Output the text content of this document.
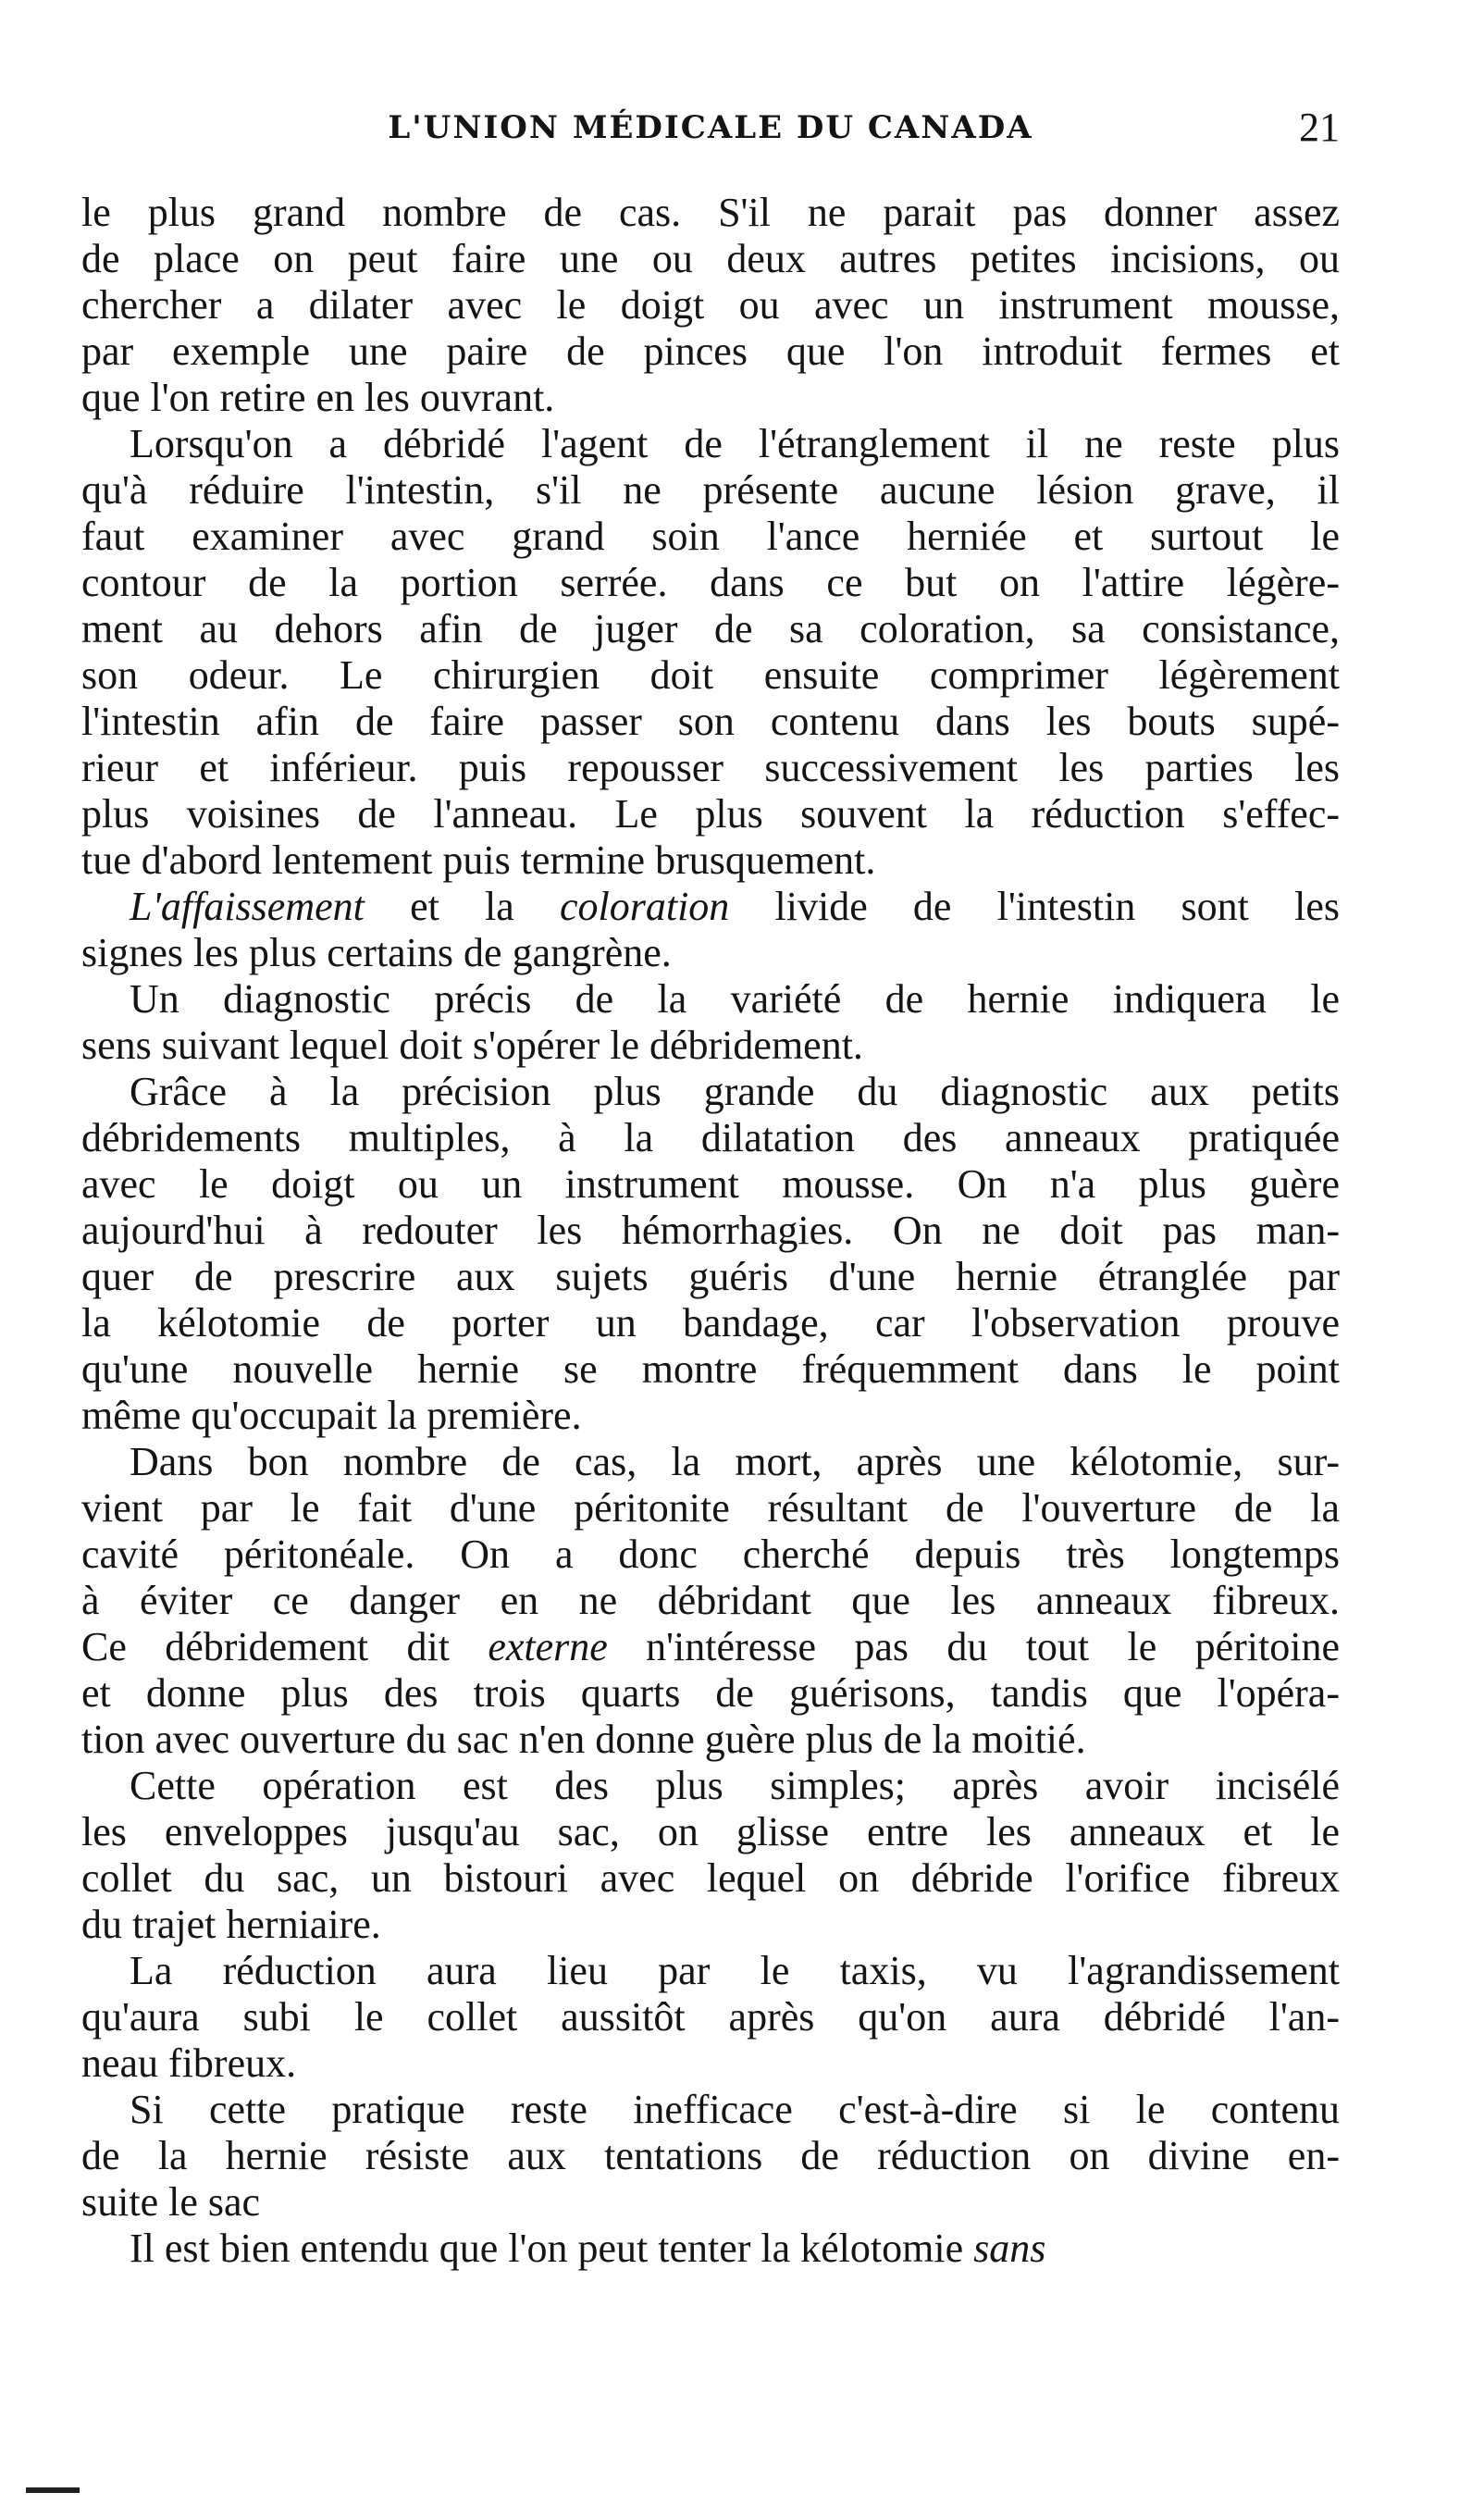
L'UNION MÉDICALE DU CANADA	21
le plus grand nombre de cas. S'il ne parait pas donner assez
de place on peut faire une ou deux autres petites incisions, ou
chercher a dilater avec le doigt ou avec un instrument mousse,
par exemple une paire de pinces que l'on introduit fermes et
que l'on retire en les ouvrant.
Lorsqu'on a débridé l'agent de l'étranglement il ne reste plus
qu'à réduire l'intestin, s'il ne présente aucune lésion grave, il
faut examiner avec grand soin l'ance herniée et surtout le
contour de la portion serrée. dans ce but on l'attire légère-
ment au dehors afin de juger de sa coloration, sa consistance,
son odeur. Le chirurgien doit ensuite comprimer légèrement
l'intestin afin de faire passer son contenu dans les bouts supé-
rieur et inférieur. puis repousser successivement les parties les
plus voisines de l'anneau. Le plus souvent la réduction s'effec-
tue d'abord lentement puis termine brusquement.
L'affaissement et la coloration livide de l'intestin sont les
signes les plus certains de gangrène.
Un diagnostic précis de la variété de hernie indiquera le
sens suivant lequel doit s'opérer le débridement.
Grâce à la précision plus grande du diagnostic aux petits
débridements multiples, à la dilatation des anneaux pratiquée
avec le doigt ou un instrument mousse. On n'a plus guère
aujourd'hui à redouter les hémorrhagies. On ne doit pas man-
quer de prescrire aux sujets guéris d'une hernie étranglée par
la kélotomie de porter un bandage, car l'observation prouve
qu'une nouvelle hernie se montre fréquemment dans le point
même qu'occupait la première.
Dans bon nombre de cas, la mort, après une kélotomie, sur-
vient par le fait d'une péritonite résultant de l'ouverture de la
cavité péritonéale. On a donc cherché depuis très longtemps
à éviter ce danger en ne débridant que les anneaux fibreux.
Ce débridement dit externe n'intéresse pas du tout le péritoine
et donne plus des trois quarts de guérisons, tandis que l'opéra-
tion avec ouverture du sac n'en donne guère plus de la moitié.
Cette opération est des plus simples; après avoir incisélé
les enveloppes jusqu'au sac, on glisse entre les anneaux et le
collet du sac, un bistouri avec lequel on débride l'orifice fibreux
du trajet herniaire.
La réduction aura lieu par le taxis, vu l'agrandissement
qu'aura subi le collet aussitôt après qu'on aura débridé l'an-
neau fibreux.
Si cette pratique reste inefficace c'est-à-dire si le contenu
de la hernie résiste aux tentations de réduction on divine en-
suite le sac
Il est bien entendu que l'on peut tenter la kélotomie sans
